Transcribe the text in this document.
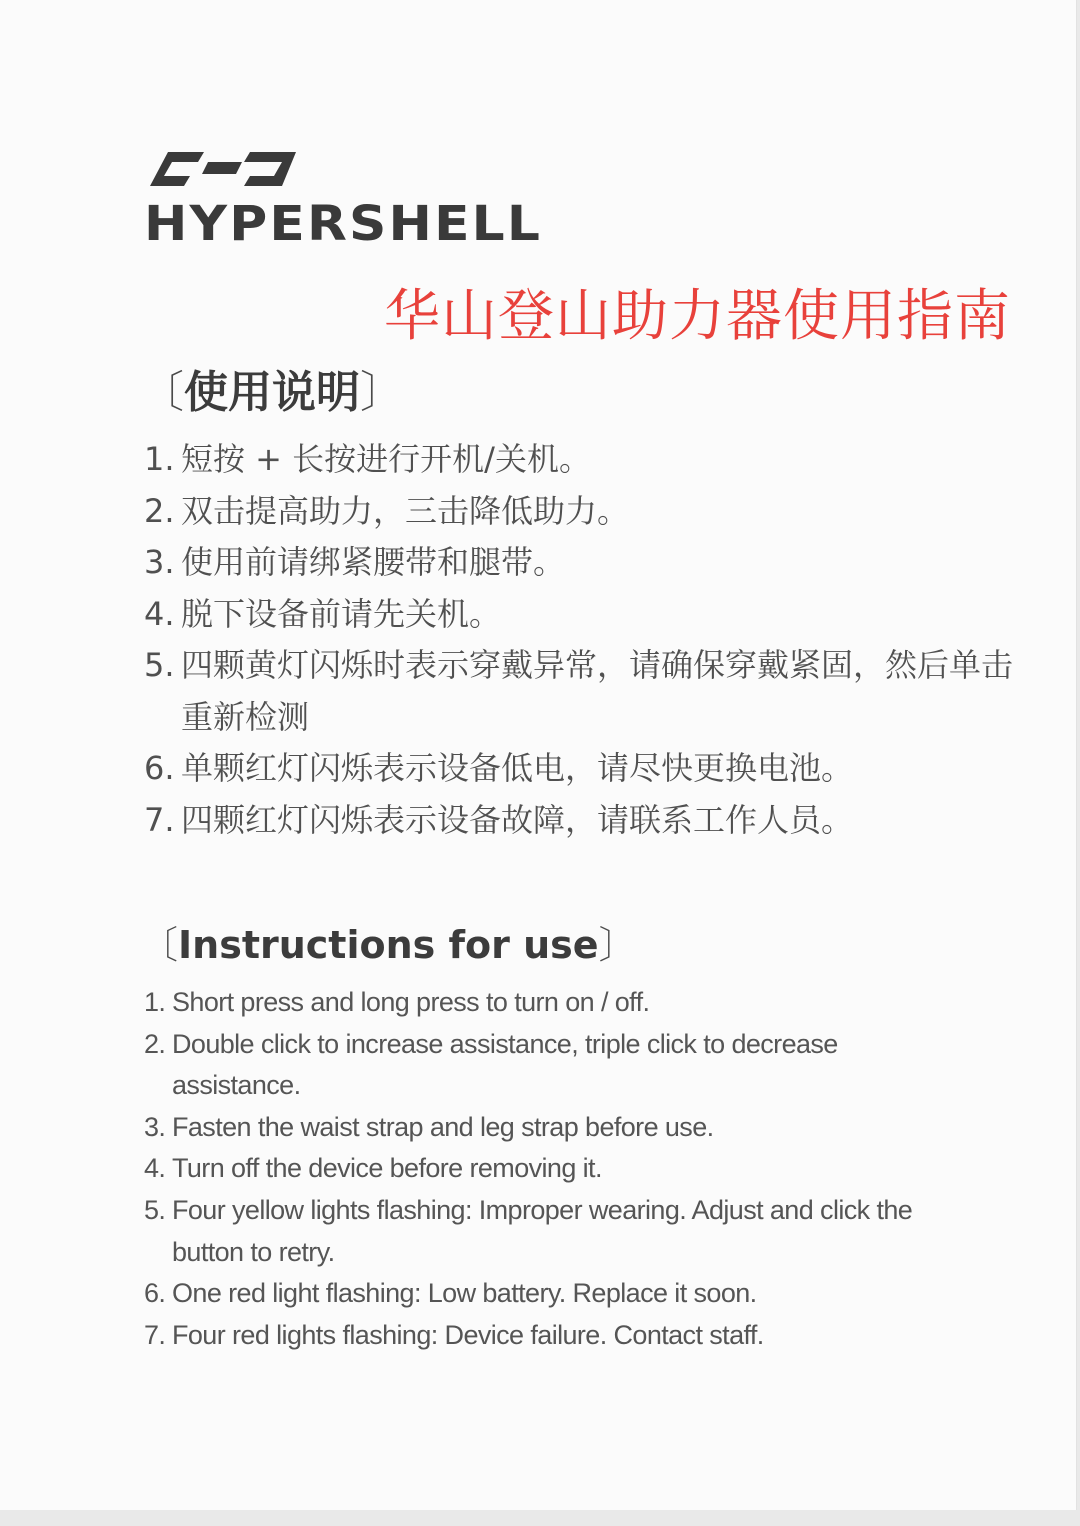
HYPERSHELL
华山登山助力器使用指南
〔使用说明〕
1. 短按 + 长按进行开机/关机。
2. 双击提高助力，三击降低助力。
3. 使用前请绑紧腰带和腿带。
4. 脱下设备前请先关机。
5. 四颗黄灯闪烁时表示穿戴异常，请确保穿戴紧固，然后单击重新检测
6. 单颗红灯闪烁表示设备低电，请尽快更换电池。
7. 四颗红灯闪烁表示设备故障，请联系工作人员。
〔Instructions for use〕
1. Short press and long press to turn on / off.
2. Double click to increase assistance, triple click to decrease assistance.
3. Fasten the waist strap and leg strap before use.
4. Turn off the device before removing it.
5. Four yellow lights flashing: Improper wearing. Adjust and click the button to retry.
6. One red light flashing: Low battery. Replace it soon.
7. Four red lights flashing: Device failure. Contact staff.
